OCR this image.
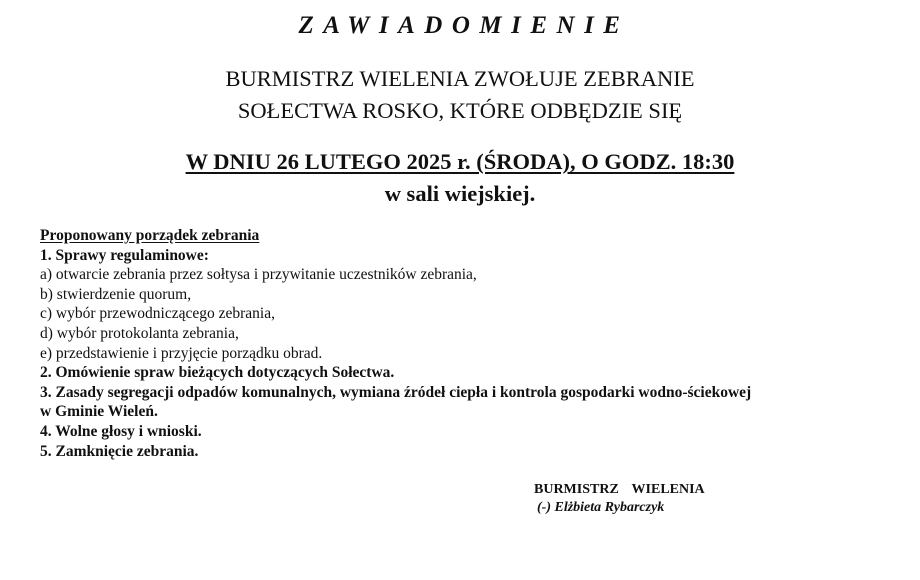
ZAWIADOMIENIE
BURMISTRZ WIELENIA ZWOŁUJE ZEBRANIE
SOŁECTWA ROSKO, KTÓRE ODBĘDZIE SIĘ
W DNIU 26 LUTEGO 2025 r. (ŚRODA), O GODZ. 18:30
w sali wiejskiej.
Proponowany porządek zebrania
1. Sprawy regulaminowe:
a) otwarcie zebrania przez sołtysa i przywitanie uczestników zebrania,
b) stwierdzenie quorum,
c) wybór przewodniczącego zebrania,
d) wybór protokolanta zebrania,
e) przedstawienie i przyjęcie porządku obrad.
2. Omówienie spraw bieżących dotyczących Sołectwa.
3. Zasady segregacji odpadów komunalnych, wymiana źródeł ciepła i kontrola gospodarki wodno-ściekowej
w Gminie Wieleń.
4. Wolne głosy i wnioski.
5. Zamknięcie zebrania.
BURMISTRZ  WIELENIA
(-) Elżbieta Rybarczyk
